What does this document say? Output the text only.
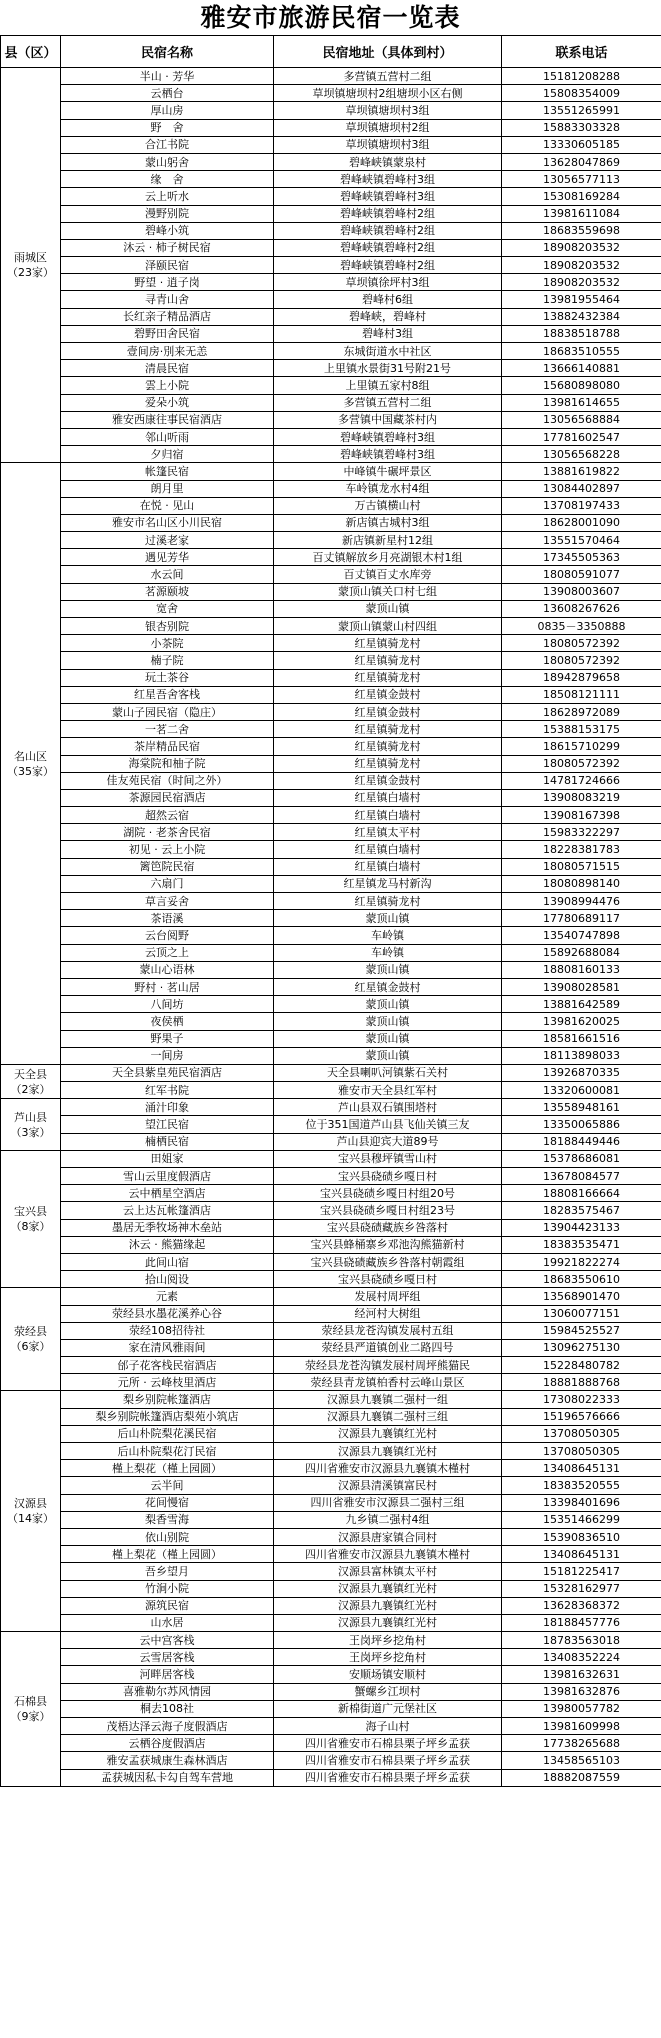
雅安市旅游民宿一览表
县（区）	民宿名称	民宿地址（具体到村）	联系电话
雨城区
（23家）	半山 · 芳华	多营镇五营村二组	15181208288
	云栖台	草坝镇塘坝村2组塘坝小区右侧	15808354009
	厚山房	草坝镇塘坝村3组	13551265991
	野　舍	草坝镇塘坝村2组	15883303328
	合江书院	草坝镇塘坝村3组	13330605185
	蒙山躬舍	碧峰峡镇蒙泉村	13628047869
	缘　舍	碧峰峡镇碧峰村3组	13056577113
	云上听水	碧峰峡镇碧峰村3组	15308169284
	漫野别院	碧峰峡镇碧峰村2组	13981611084
	碧峰小筑	碧峰峡镇碧峰村2组	18683559698
	沐云 · 柿子树民宿	碧峰峡镇碧峰村2组	18908203532
	泽颐民宿	碧峰峡镇碧峰村2组	18908203532
	野望 · 逍子岗	草坝镇徐坪村3组	18908203532
	寻青山舍	碧峰村6组	13981955464
	长红亲子精品酒店	碧峰峡，碧峰村	13882432384
	碧野田舍民宿	碧峰村3组	18838518788
	壹间房·別来无恙	东城街道水中社区	18683510555
	清晨民宿	上里镇水景街31号附21号	13666140881
	雲上小院	上里镇五家村8组	15680898080
	爱朵小筑	多营镇五营村二组	13981614655
	雅安西康往事民宿酒店	多营镇中国藏茶村内	13056568884
	邻山听雨	碧峰峡镇碧峰村3组	17781602547
	夕归宿	碧峰峡镇碧峰村3组	13056568228
名山区
（35家）	帐篷民宿	中峰镇牛碾坪景区	13881619822
	朗月里	车岭镇龙水村4组	13084402897
	在悦 · 见山	万古镇横山村	13708197433
	雅安市名山区小川民宿	新店镇古城村3组	18628001090
	过溪老家	新店镇新星村12组	13551570464
	遇见芳华	百丈镇解放乡月亮湖银木村1组	17345505363
	水云间	百丈镇百丈水库旁	18080591077
	茗源颐坡	蒙顶山镇关口村七组	13908003607
	宽舍	蒙顶山镇	13608267626
	银杏别院	蒙顶山镇蒙山村四组	0835－3350888
	小茶院	红星镇骑龙村	18080572392
	楠子院	红星镇骑龙村	18080572392
	玩土茶谷	红星镇骑龙村	18942879658
	红星吾舍客栈	红星镇金鼓村	18508121111
	蒙山子园民宿（隐庄）	红星镇金鼓村	18628972089
	一茗二舍	红星镇骑龙村	15388153175
	茶岸精品民宿	红星镇骑龙村	18615710299
	海棠院和柚子院	红星镇骑龙村	18080572392
	佳友苑民宿（时间之外）	红星镇金鼓村	14781724666
	茶源园民宿酒店	红星镇白墙村	13908083219
	超然云宿	红星镇白墙村	13908167398
	湖院 · 老茶舍民宿	红星镇太平村	15983322297
	初见 · 云上小院	红星镇白墙村	18228381783
	篱笆院民宿	红星镇白墙村	18080571515
	六扇门	红星镇龙马村新沟	18080898140
	草言妥舍	红星镇骑龙村	13908994476
	茶语溪	蒙顶山镇	17780689117
	云台阅野	车岭镇	13540747898
	云顶之上	车岭镇	15892688084
	蒙山心语林	蒙顶山镇	18808160133
	野村 · 茗山居	红星镇金鼓村	13908028581
	八间坊	蒙顶山镇	13881642589
	夜侯栖	蒙顶山镇	13981620025
	野果子	蒙顶山镇	18581661516
	一间房	蒙顶山镇	18113898033
天全县
（2家）	天全县紫皇苑民宿酒店	天全县喇叭河镇紫石关村	13926870335
	红军书院	雅安市天全县红军村	13320600081
芦山县
（3家）	涌汁印象	芦山县双石镇围塔村	13558948161
	望江民宿	位于351国道芦山县飞仙关镇三友	13350065886
	楠栖民宿	芦山县迎宾大道89号	18188449446
宝兴县
（8家）	田姐家	宝兴县穆坪镇雪山村	15378686081
	雪山云里度假酒店	宝兴县硗碛乡嘎日村	13678084577
	云中栖星空酒店	宝兴县硗碛乡嘎日村组20号	18808166664
	云上达瓦帐篷酒店	宝兴县硗碛乡嘎日村组23号	18283575467
	墨居无季牧场神木垒站	宝兴县硗碛藏族乡咎落村	13904423133
	沐云 · 熊猫缘起	宝兴县蜂桶寨乡邓池沟熊猫新村	18383535471
	此间山宿	宝兴县硗碛藏族乡咎落村朝霞组	19921822274
	拾山阅设	宝兴县硗碛乡嘎日村	18683550610
荥经县
（6家）	元素	发展村周坪组	13568901470
	荥经县水墨花溪养心谷	经河村大树组	13060077151
	荥经108招待社	荥经县龙苍沟镇发展村五组	15984525527
	家在清风雅雨间	荥经县严道镇创业二路四号	13096275130
	邰子花客栈民宿酒店	荥经县龙苍沟镇发展村周坪熊猫民	15228480782
	元所 · 云峰枝里酒店	荥经县青龙镇柏香村云峰山景区	18881888768
汉源县
（14家）	梨乡别院帐篷酒店	汉源县九襄镇二强村一组	17308022333
	梨乡别院帐篷酒店梨苑小筑店	汉源县九襄镇二强村三组	15196576666
	后山朴院梨花溪民宿	汉源县九襄镇红光村	13708050305
	后山朴院梨花汀民宿	汉源县九襄镇红光村	13708050305
	槿上梨花（槿上园圆）	四川省雅安市汉源县九襄镇木槿村	13408645131
	云半间	汉源县清溪镇富民村	18383520555
	花间慢宿	四川省雅安市汉源县二强村三组	13398401696
	梨香雪海	九乡镇二强村4组	15351466299
	依山别院	汉源县唐家镇合同村	15390836510
	槿上梨花（槿上园圆）	四川省雅安市汉源县九襄镇木槿村	13408645131
	吾乡望月	汉源县富林镇太平村	15181225417
	竹涧小院	汉源县九襄镇红光村	15328162977
	源筑民宿	汉源县九襄镇红光村	13628368372
	山水居	汉源县九襄镇红光村	18188457776
石棉县
（9家）	云中宫客栈	王岗坪乡挖角村	18783563018
	云雪居客栈	王岗坪乡挖角村	13408352224
	河畔居客栈	安顺场镇安顺村	13981632631
	喜雅勒尔苏风情园	蟹螺乡江坝村	13981632876
	桐去108社	新棉街道广元堡社区	13980057782
	茂梧达泽云海子度假酒店	海子山村	13981609998
	云栖谷度假酒店	四川省雅安市石棉县栗子坪乡孟获	17738265688
	雅安孟获城康生森林酒店	四川省雅安市石棉县栗子坪乡孟获	13458565103
	孟获城因私卡勾自驾车营地	四川省雅安市石棉县栗子坪乡孟获	18882087559
